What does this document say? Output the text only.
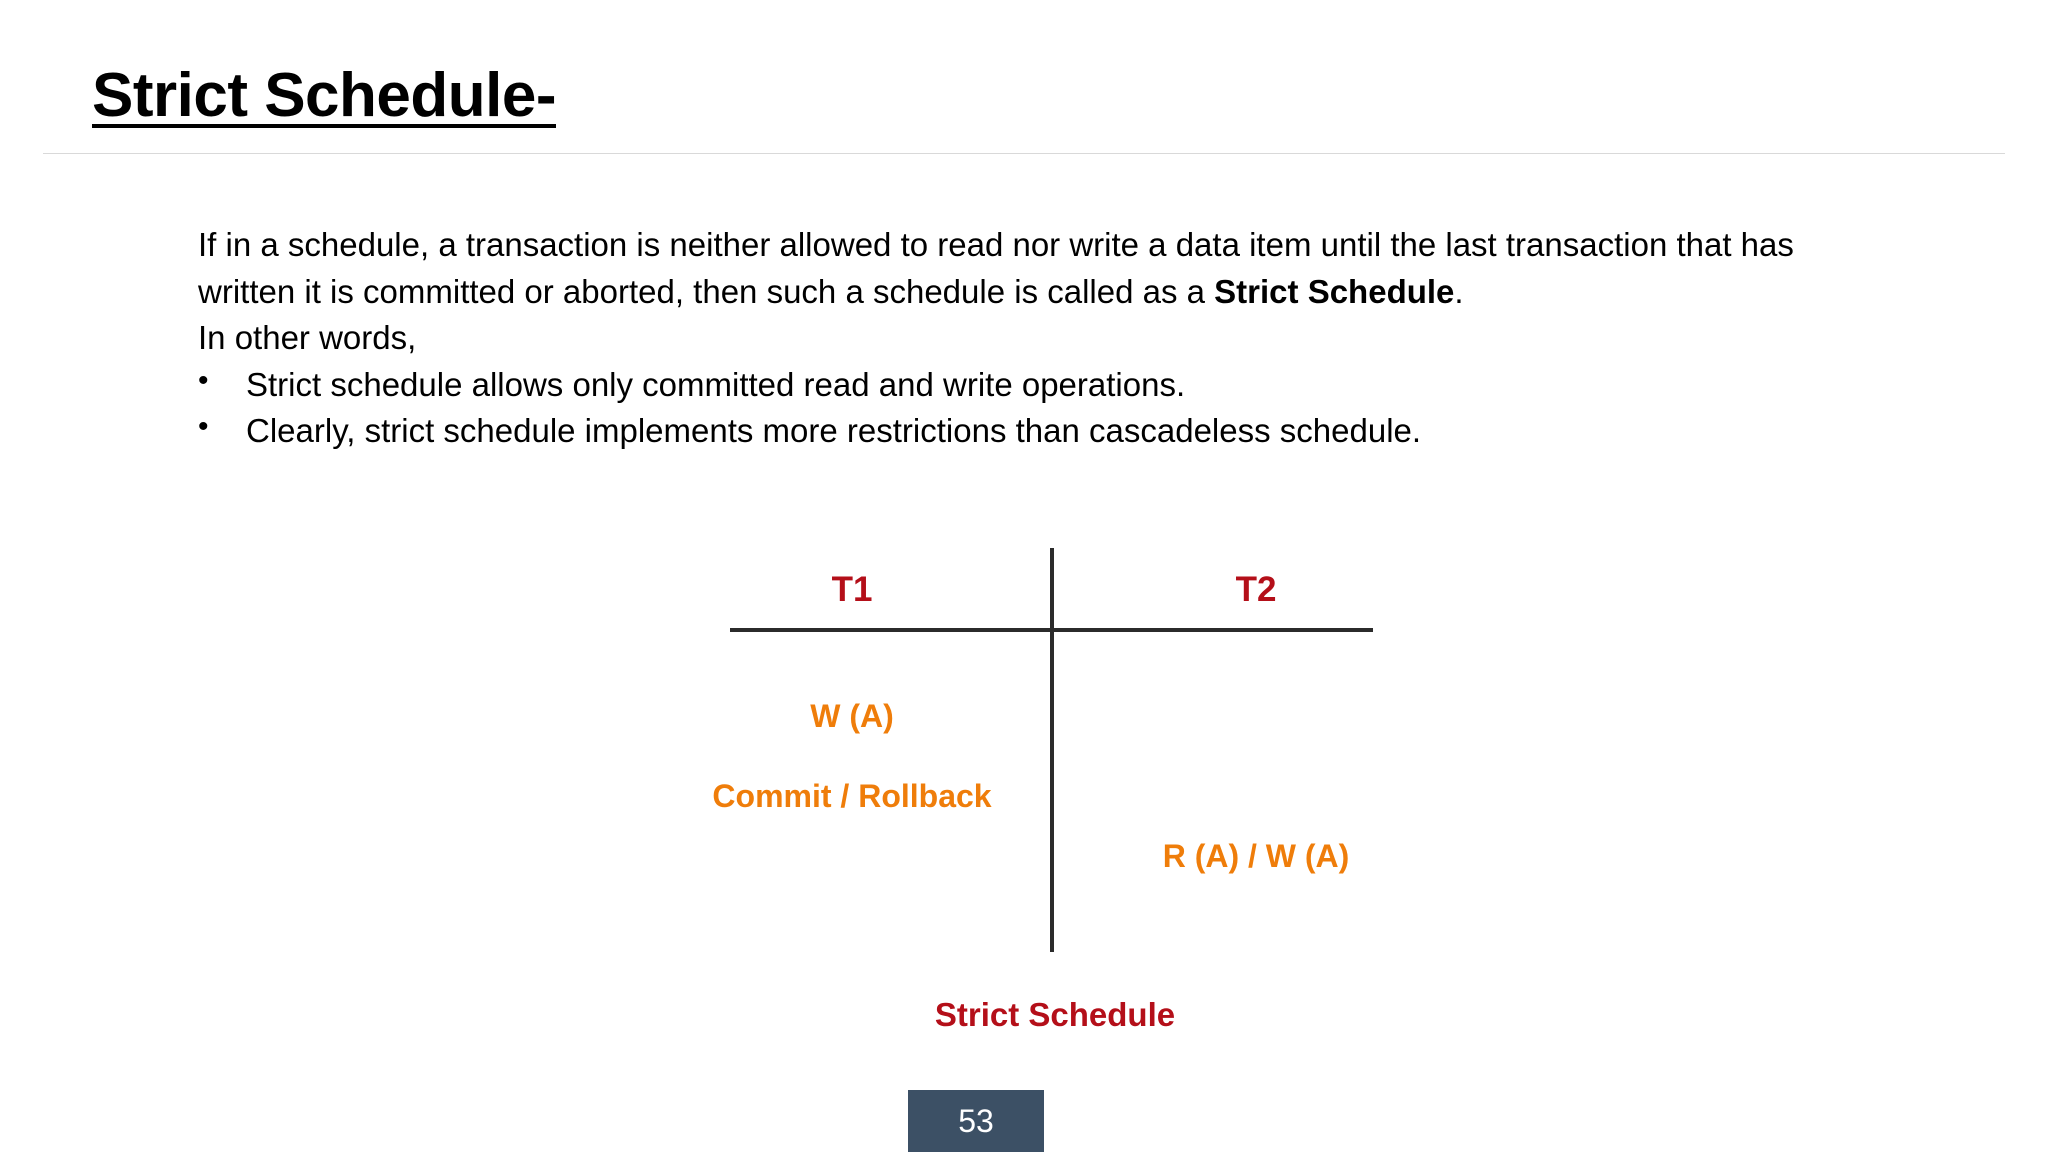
Strict Schedule-

If in a schedule, a transaction is neither allowed to read nor write a data item until the last transaction that has written it is committed or aborted, then such a schedule is called as a Strict Schedule.

In other words,

• Strict schedule allows only committed read and write operations.
• Clearly, strict schedule implements more restrictions than cascadeless schedule.
T1	T2
W (A)
Commit / Rollback
R (A) / W (A)
Strict Schedule
53
